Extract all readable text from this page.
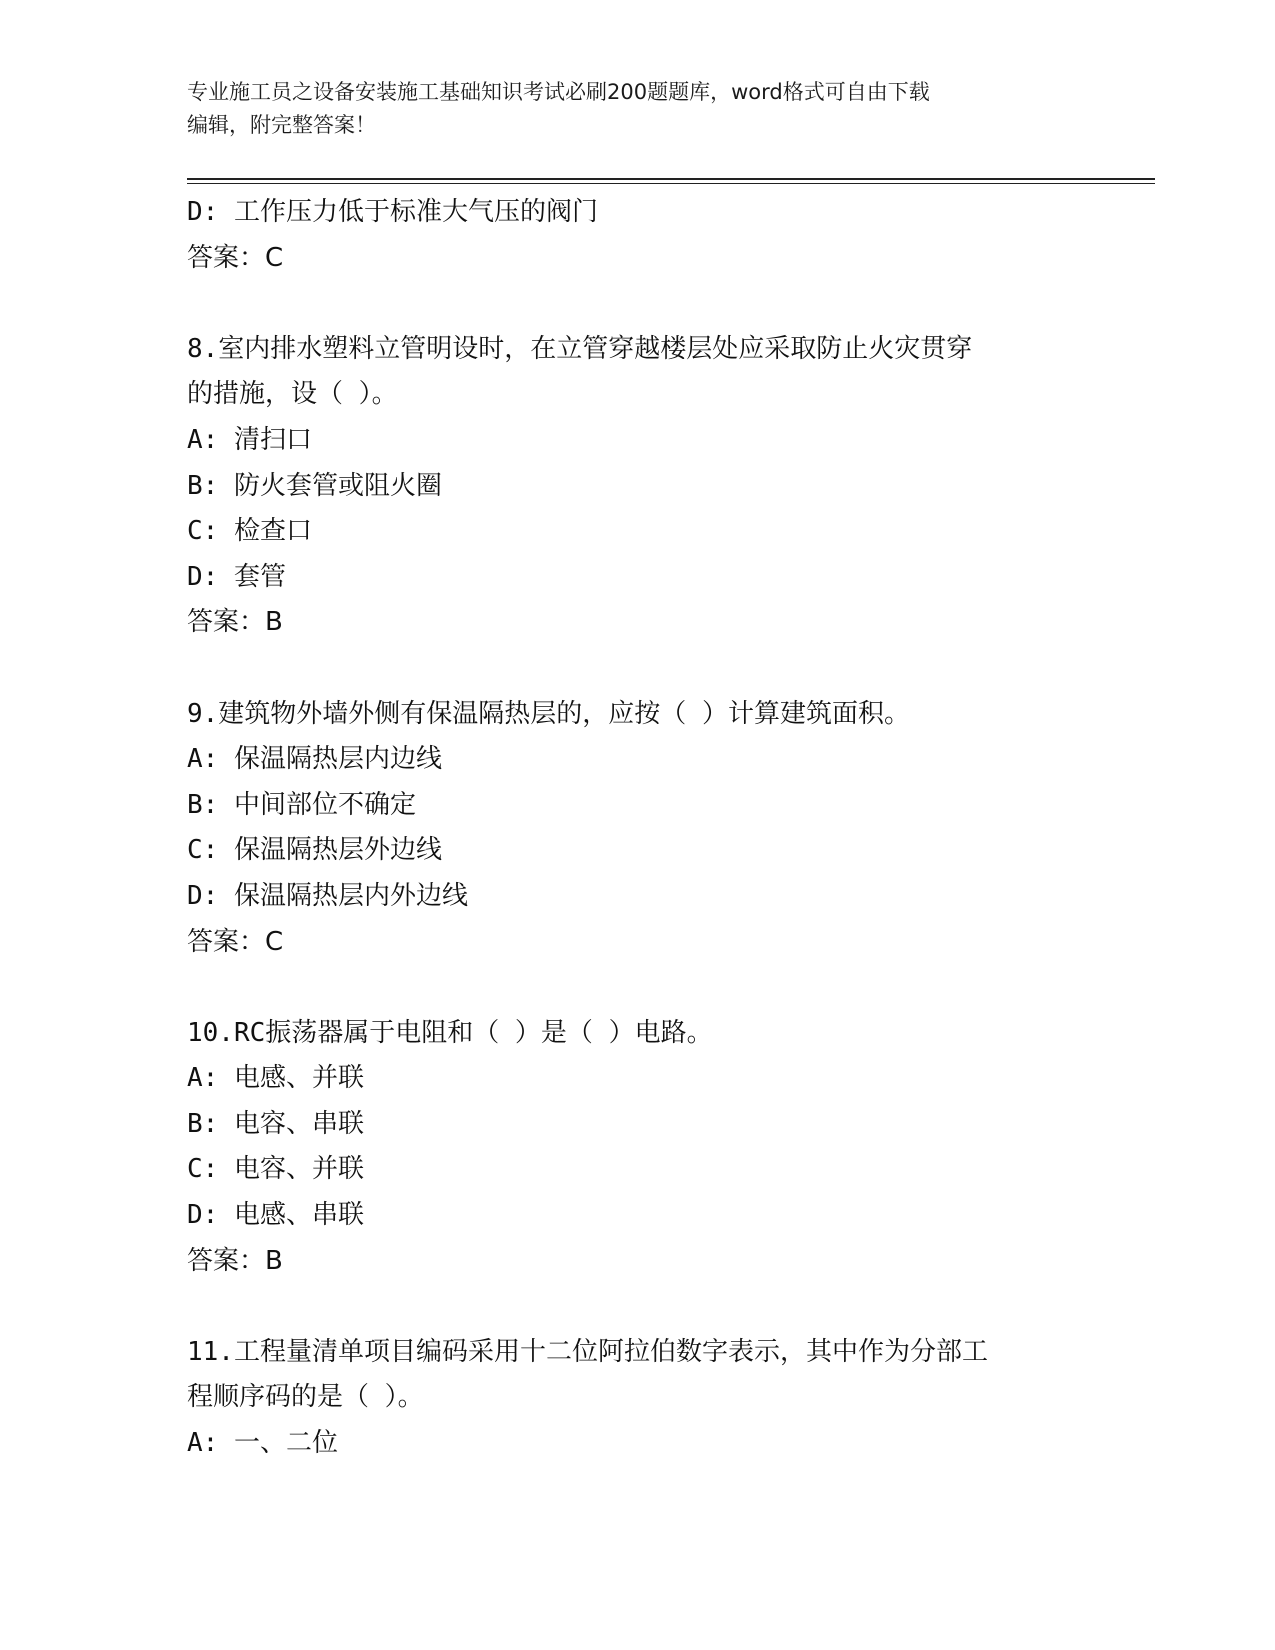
专业施工员之设备安装施工基础知识考试必刷200题题库，word格式可自由下载
编辑，附完整答案！
D: 工作压力低于标准大气压的阀门
答案：C
8.室内排水塑料立管明设时，在立管穿越楼层处应采取防止火灾贯穿
的措施，设（ ）。
A: 清扫口
B: 防火套管或阻火圈
C: 检查口
D: 套管
答案：B
9.建筑物外墙外侧有保温隔热层的，应按（ ）计算建筑面积。
A: 保温隔热层内边线
B: 中间部位不确定
C: 保温隔热层外边线
D: 保温隔热层内外边线
答案：C
10.RC振荡器属于电阻和（ ）是（ ）电路。
A: 电感、并联
B: 电容、串联
C: 电容、并联
D: 电感、串联
答案：B
11.工程量清单项目编码采用十二位阿拉伯数字表示，其中作为分部工
程顺序码的是（ ）。
A: 一、二位
